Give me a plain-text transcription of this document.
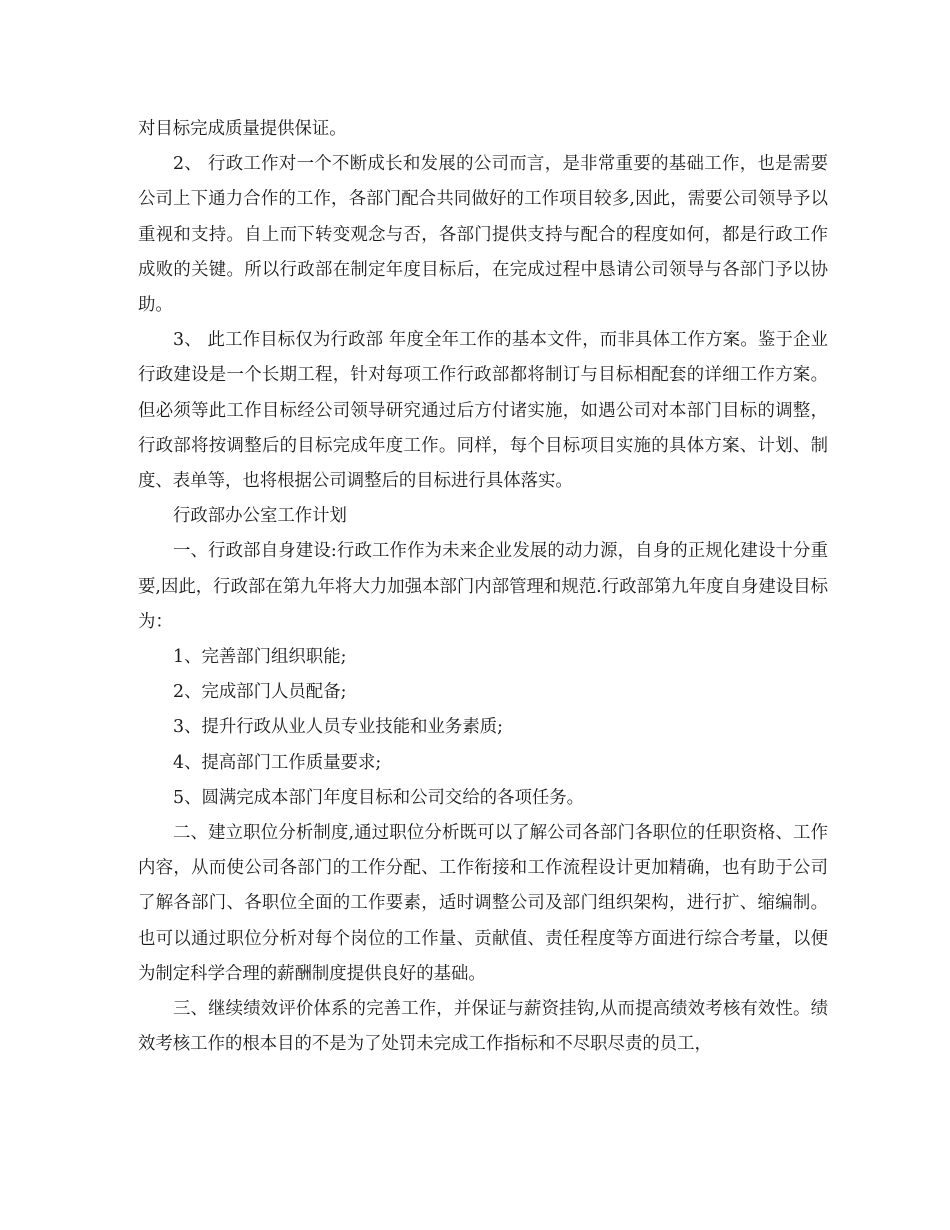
对目标完成质量提供保证。

2、 行政工作对一个不断成长和发展的公司而言，是非常重要的基础工作，也是需要公司上下通力合作的工作，各部门配合共同做好的工作项目较多,因此，需要公司领导予以重视和支持。自上而下转变观念与否，各部门提供支持与配合的程度如何，都是行政工作成败的关键。所以行政部在制定年度目标后，在完成过程中恳请公司领导与各部门予以协助。

3、 此工作目标仅为行政部 年度全年工作的基本文件，而非具体工作方案。鉴于企业行政建设是一个长期工程，针对每项工作行政部都将制订与目标相配套的详细工作方案。但必须等此工作目标经公司领导研究通过后方付诸实施，如遇公司对本部门目标的调整，行政部将按调整后的目标完成年度工作。同样，每个目标项目实施的具体方案、计划、制度、表单等，也将根据公司调整后的目标进行具体落实。

行政部办公室工作计划

一、行政部自身建设:行政工作作为未来企业发展的动力源，自身的正规化建设十分重要,因此，行政部在第九年将大力加强本部门内部管理和规范.行政部第九年度自身建设目标为：

1、完善部门组织职能;

2、完成部门人员配备;

3、提升行政从业人员专业技能和业务素质;

4、提高部门工作质量要求;

5、圆满完成本部门年度目标和公司交给的各项任务。

二、建立职位分析制度,通过职位分析既可以了解公司各部门各职位的任职资格、工作内容，从而使公司各部门的工作分配、工作衔接和工作流程设计更加精确，也有助于公司了解各部门、各职位全面的工作要素，适时调整公司及部门组织架构，进行扩、缩编制。也可以通过职位分析对每个岗位的工作量、贡献值、责任程度等方面进行综合考量，以便为制定科学合理的薪酬制度提供良好的基础。

三、继续绩效评价体系的完善工作，并保证与薪资挂钩,从而提高绩效考核有效性。绩效考核工作的根本目的不是为了处罚未完成工作指标和不尽职尽责的员工，
